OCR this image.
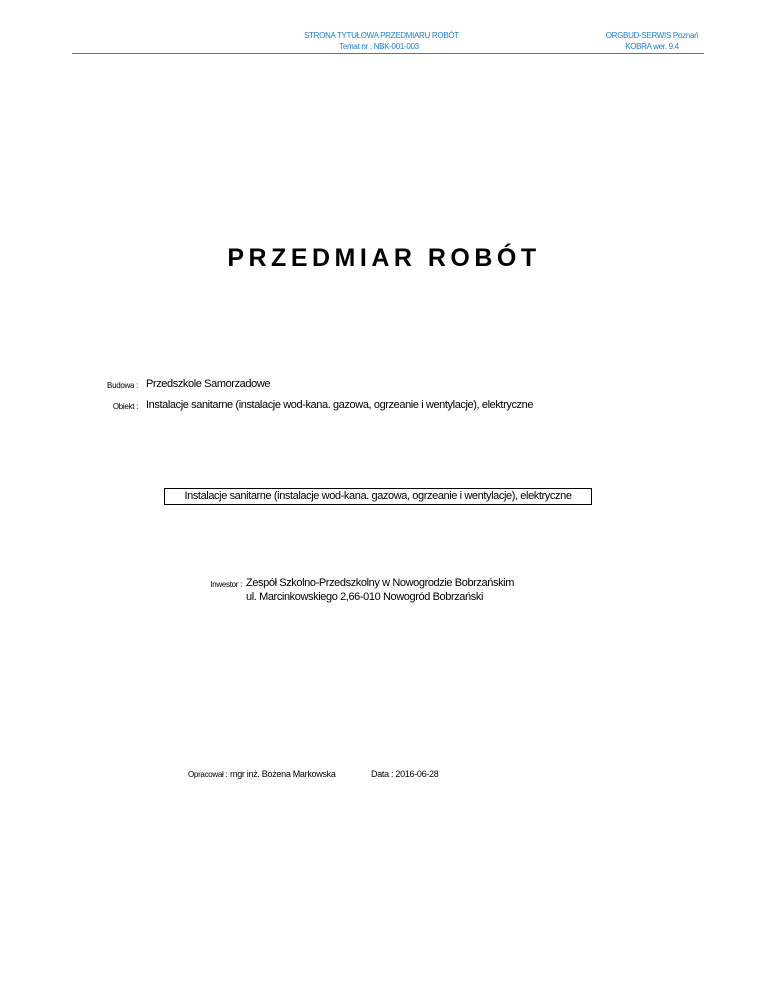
STRONA TYTUŁOWA PRZEDMIARU ROBÓT
Temat nr : NBK-001-003
ORGBUD-SERWIS Poznań
KOBRA wer. 9.4
PRZEDMIAR ROBÓT
Budowa : Przedszkole Samorzadowe
Obiekt : Instalacje sanitarne (instalacje wod-kana. gazowa, ogrzeanie i wentylacje), elektryczne
Instalacje sanitarne (instalacje wod-kana. gazowa, ogrzeanie i wentylacje), elektryczne
Inwestor : Zespół Szkolno-Przedszkolny w Nowogrodzie Bobrzańskim
ul. Marcinkowskiego 2,66-010 Nowogród Bobrzański
Opracował : mgr inż. Bożena Markowska	Data : 2016-06-28
